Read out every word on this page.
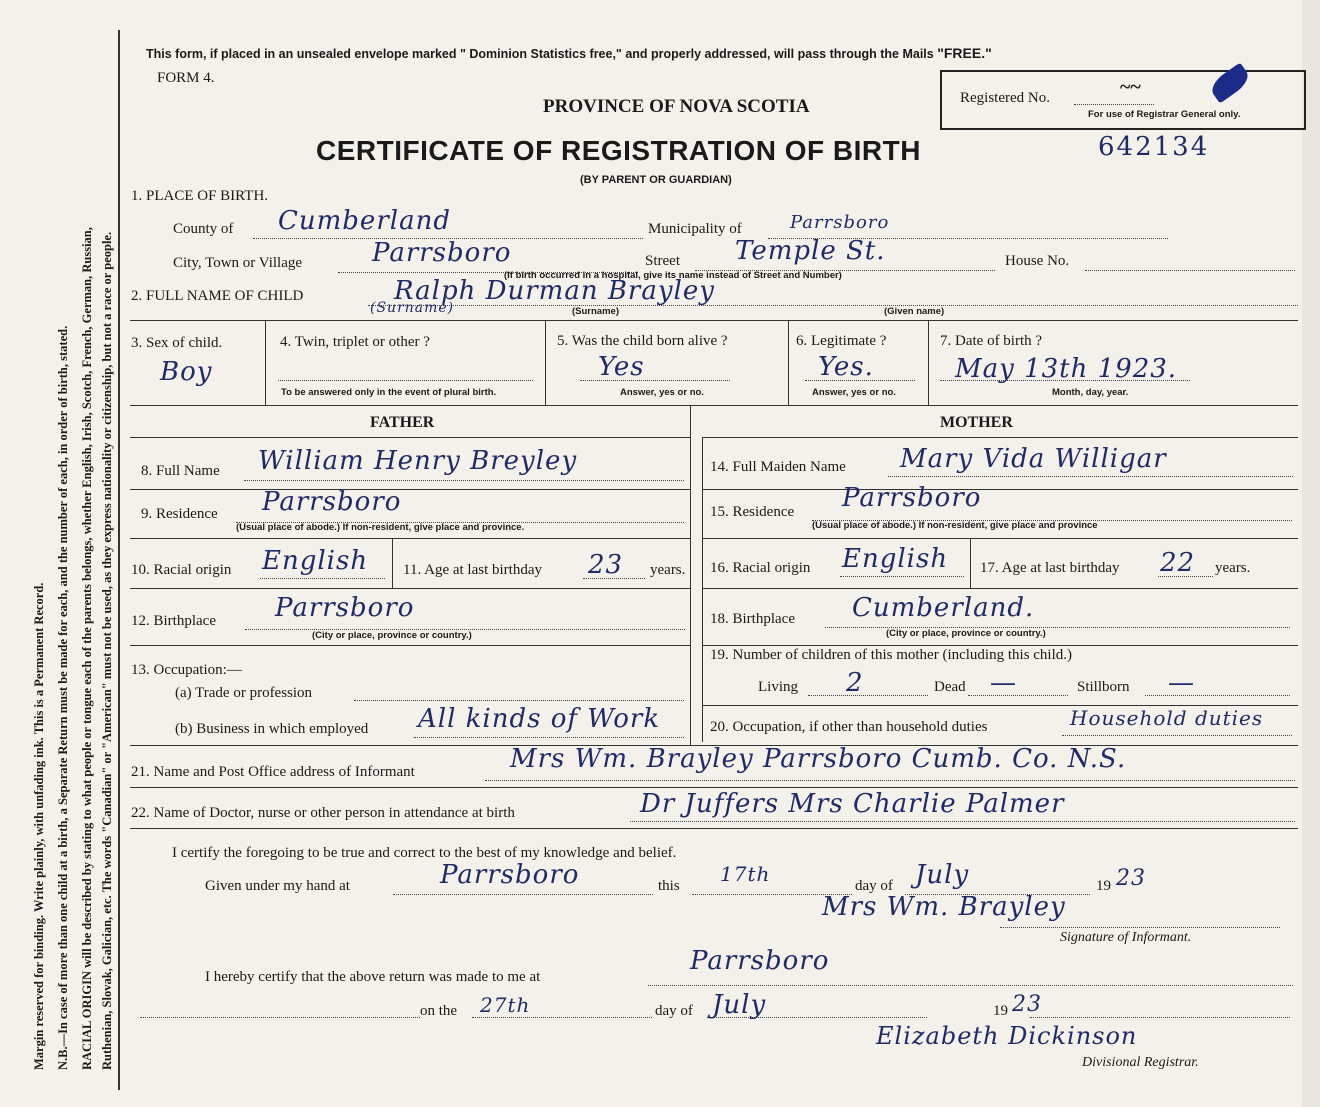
Margin reserved for binding. Write plainly, with unfading ink. This is a Permanent Record. N.B.—In case of more than one child at a birth, a Separate Return must be made for each, and the number of each, in order of birth, stated. RACIAL ORIGIN will be described by stating to what people or tongue each of the parents belongs, whether English, Irish, Scotch, French, German, Russian, Ruthenian, Slovak, Galician, etc. The words "Canadian" or "American" must not be used, as they express nationality or citizenship, but not a race or people.
This form, if placed in an unsealed envelope marked " Dominion Statistics free," and properly addressed, will pass through the Mails "FREE."
FORM 4.
PROVINCE OF NOVA SCOTIA
CERTIFICATE OF REGISTRATION OF BIRTH
(BY PARENT OR GUARDIAN)
642134
Registered No.
For use of Registrar General only.
~~
1. PLACE OF BIRTH.
County of Cumberland	Municipality of	Parrsboro
City, Town or Village	Parrsboro	Street Temple St.	House No.
(If birth occurred in a hospital, give its name instead of Street and Number)
2. FULL NAME OF CHILD	Ralph Durman Brayley
(Surname)	(Surname)	(Given name)
3. Sex of child.
Boy
4. Twin, triplet or other ?
To be answered only in the event of plural birth.
5. Was the child born alive ?
Yes
Answer, yes or no.
6. Legitimate ?
Yes.
Answer, yes or no.
7. Date of birth ?
May 13th 1923.
Month, day, year.
FATHER	MOTHER
8. Full Name William Henry Breyley	14. Full Maiden Name Mary Vida Willigar
9. Residence Parrsboro
(Usual place of abode.) If non-resident, give place and province.
15. Residence Parrsboro
(Usual place of abode.) If non-resident, give place and province
10. Racial origin English 11. Age at last birthday 23 years. 16. Racial origin English 17. Age at last birthday 22 years.
12. Birthplace Parrsboro
(City or place, province or country.)
18. Birthplace Cumberland.
(City or place, province or country.)
13. Occupation:—
(a) Trade or profession
19. Number of children of this mother (including this child.)
Living 2	Dead —	Stillborn —
(b) Business in which employed All kinds of Work	20. Occupation, if other than household duties	Household duties
21. Name and Post Office address of Informant	Mrs Wm. Brayley Parrsboro Cumb. Co. N.S.
22. Name of Doctor, nurse or other person in attendance at birth	Dr Juffers Mrs Charlie Palmer
I certify the foregoing to be true and correct to the best of my knowledge and belief.
Given under my hand at	Parrsboro	this 17th	day of July	19 23
Mrs Wm. Brayley
Signature of Informant.
I hereby certify that the above return was made to me at
Parrsboro
on the 27th	day of July	19 23
Elizabeth Dickinson
Divisional Registrar.
